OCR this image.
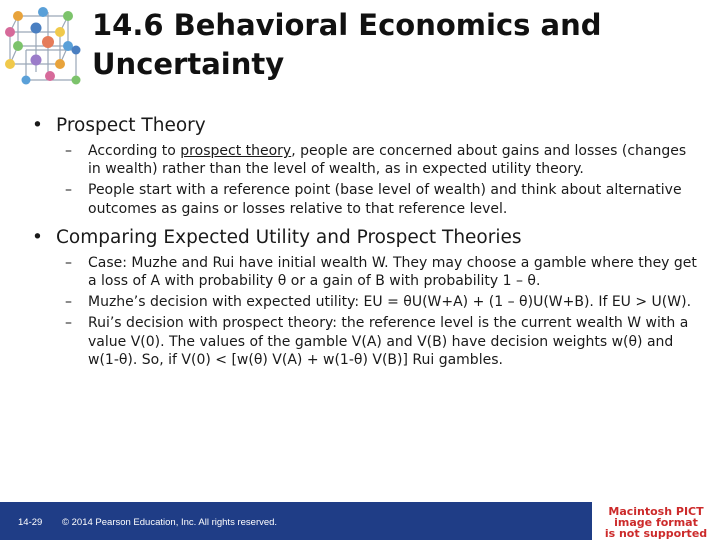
14.6 Behavioral Economics and
Uncertainty
• Prospect Theory
– According to prospect theory, people are concerned about gains and losses (changes in wealth) rather than the level of wealth, as in expected utility theory.
– People start with a reference point (base level of wealth) and think about alternative outcomes as gains or losses relative to that reference level.
• Comparing Expected Utility and Prospect Theories
– Case: Muzhe and Rui have initial wealth W. They may choose a gamble where they get a loss of A with probability θ or a gain of B with probability 1 – θ.
– Muzhe’s decision with expected utility: EU = θU(W+A) + (1 – θ)U(W+B). If EU > U(W).
– Rui’s decision with prospect theory: the reference level is the current wealth W with a value V(0). The values of the gamble V(A) and V(B) have decision weights w(θ) and w(1-θ). So, if V(0) < [w(θ) V(A) + w(1-θ) V(B)] Rui gambles.
14-29 © 2014 Pearson Education, Inc. All rights reserved.
Macintosh PICT
image format
is not supported
